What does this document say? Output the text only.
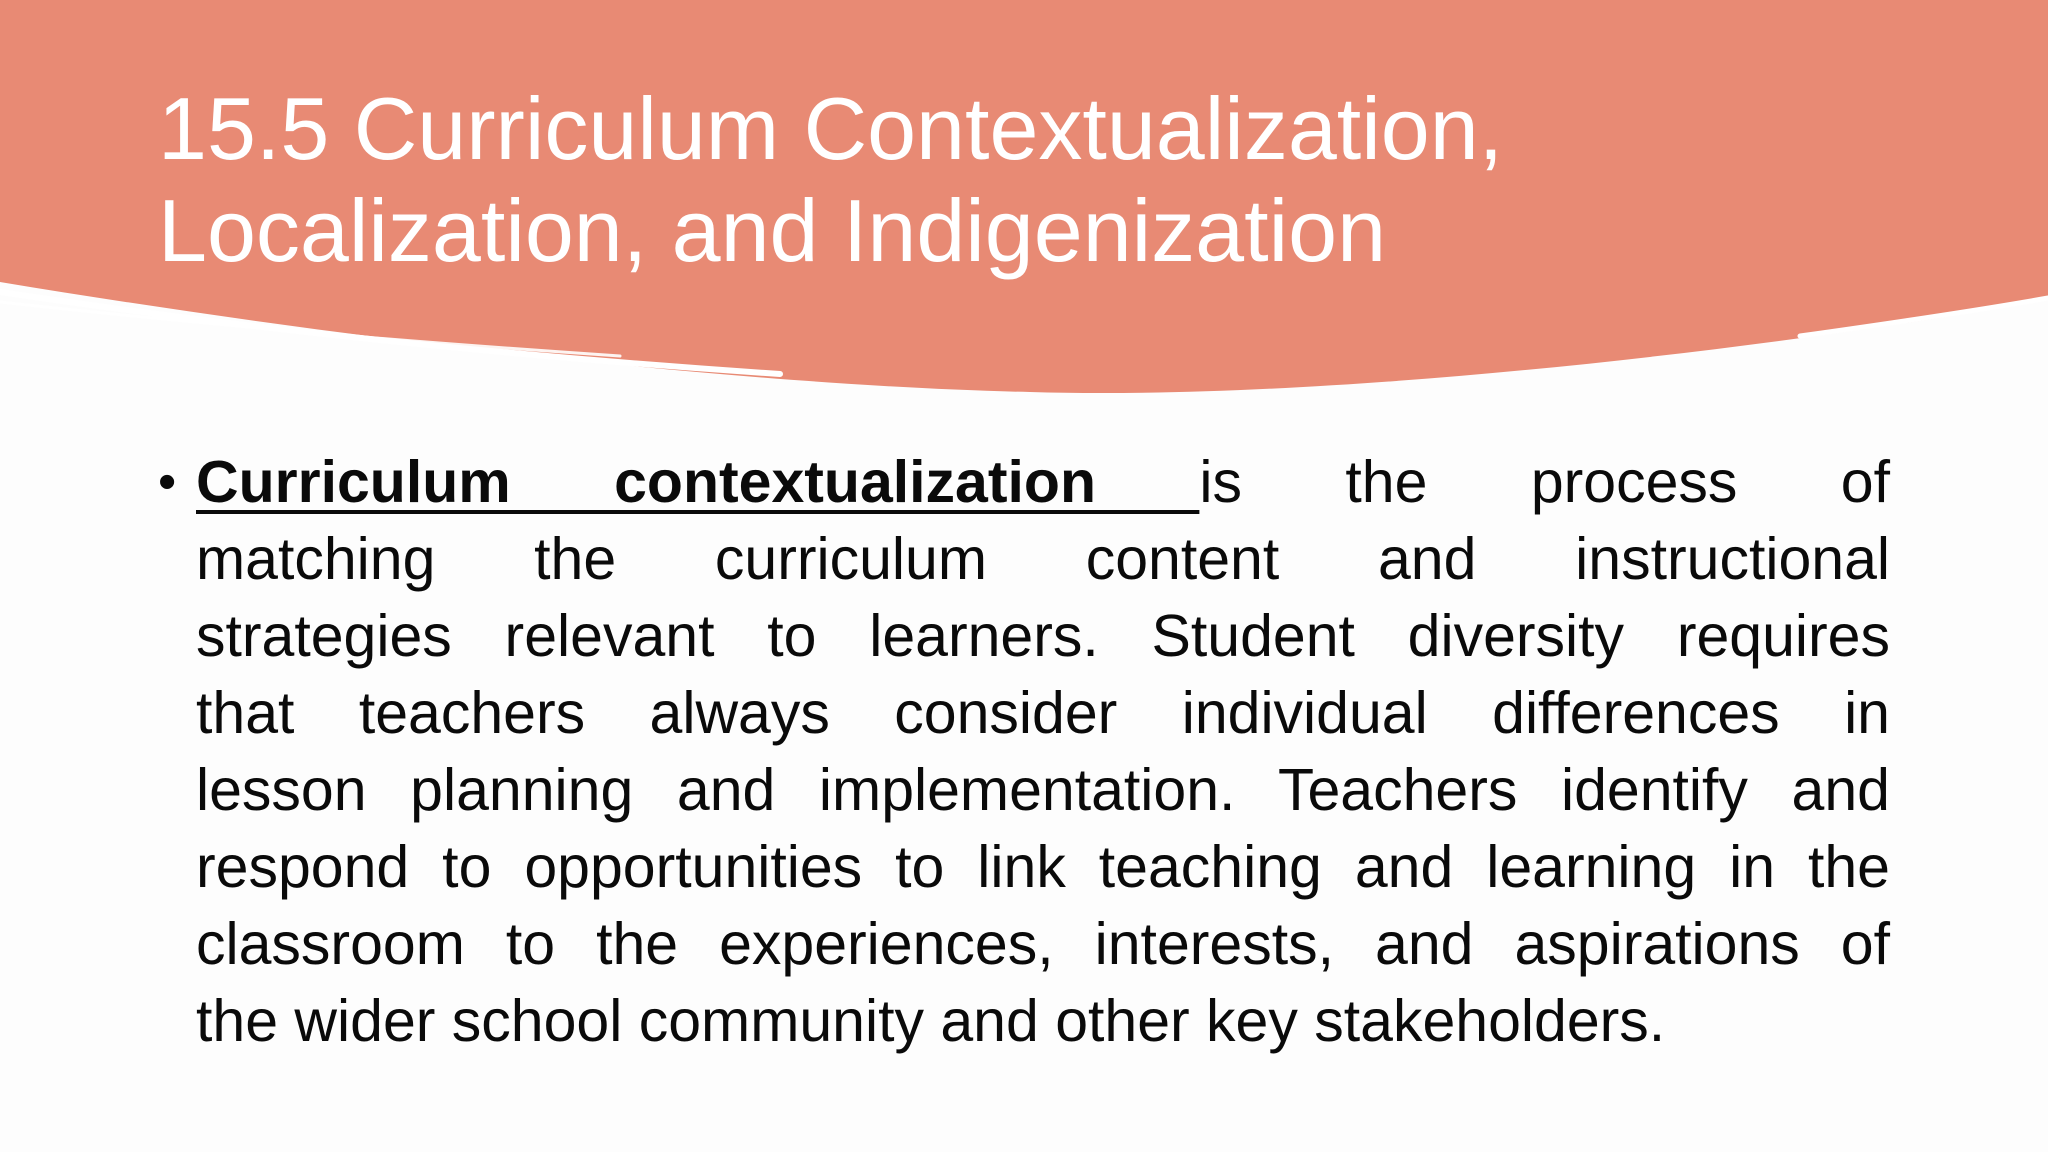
15.5 Curriculum Contextualization,
Localization, and Indigenization
• Curriculum contextualization is the process of
matching the curriculum content and instructional
strategies relevant to learners. Student diversity requires
that teachers always consider individual differences in
lesson planning and implementation. Teachers identify and
respond to opportunities to link teaching and learning in the
classroom to the experiences, interests, and aspirations of
the wider school community and other key stakeholders.
